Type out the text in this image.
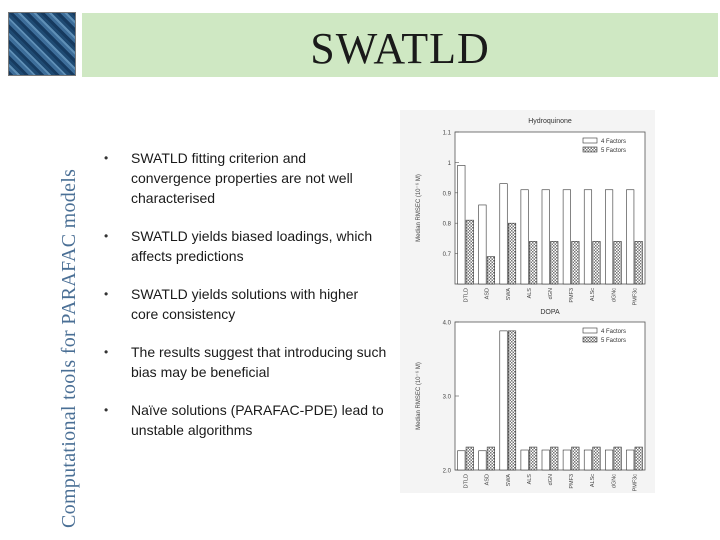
Computational tools for PARAFAC models
SWATLD
• SWATLD fitting criterion and convergence properties are not well characterised
• SWATLD yields biased loadings, which affects predictions
• SWATLD yields solutions with higher core consistency
• The results suggest that introducing such bias may be beneficial
• Naïve solutions (PARAFAC-PDE) lead to unstable algorithms
Hydroquinone
1.1
1
0.9
0.8
0.7
Median RMSEC (10⁻⁶ M)
DTLD	ASD	SWA	ALS	dGN	PMF3	ALSc	dGNc	PMF3c
4 Factors
5 Factors
DOPA
4.0
3.0
2.0
Median RMSEC (10⁻⁶ M)
DTLD	ASD	SWA	ALS	dGN	PMF3	ALSc	dGNc	PMF3c
4 Factors
5 Factors
